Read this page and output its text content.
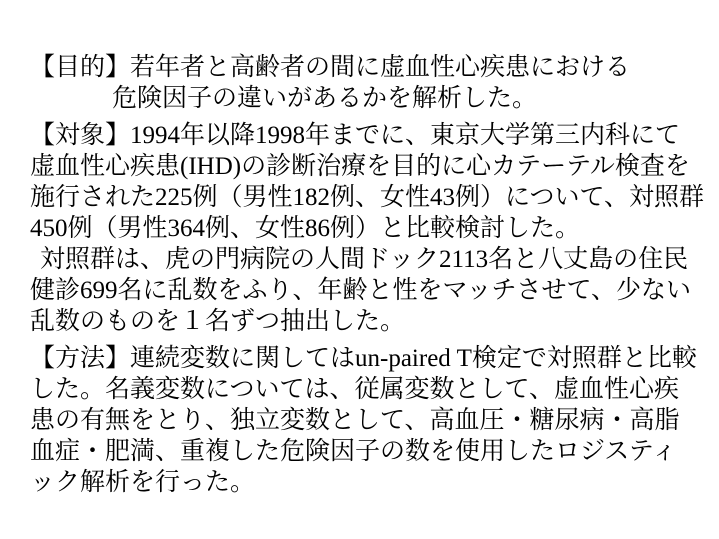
【目的】若年者と高齢者の間に虚血性心疾患における
危険因子の違いがあるかを解析した。
【対象】1994年以降1998年までに、東京大学第三内科にて
虚血性心疾患(IHD)の診断治療を目的に心カテーテル検査を
施行された225例（男性182例、女性43例）について、対照群
450例（男性364例、女性86例）と比較検討した。
対照群は、虎の門病院の人間ドック2113名と八丈島の住民
健診699名に乱数をふり、年齢と性をマッチさせて、少ない
乱数のものを１名ずつ抽出した。
【方法】連続変数に関してはun-paired T検定で対照群と比較
した。名義変数については、従属変数として、虚血性心疾
患の有無をとり、独立変数として、高血圧・糖尿病・高脂
血症・肥満、重複した危険因子の数を使用したロジスティ
ック解析を行った。
